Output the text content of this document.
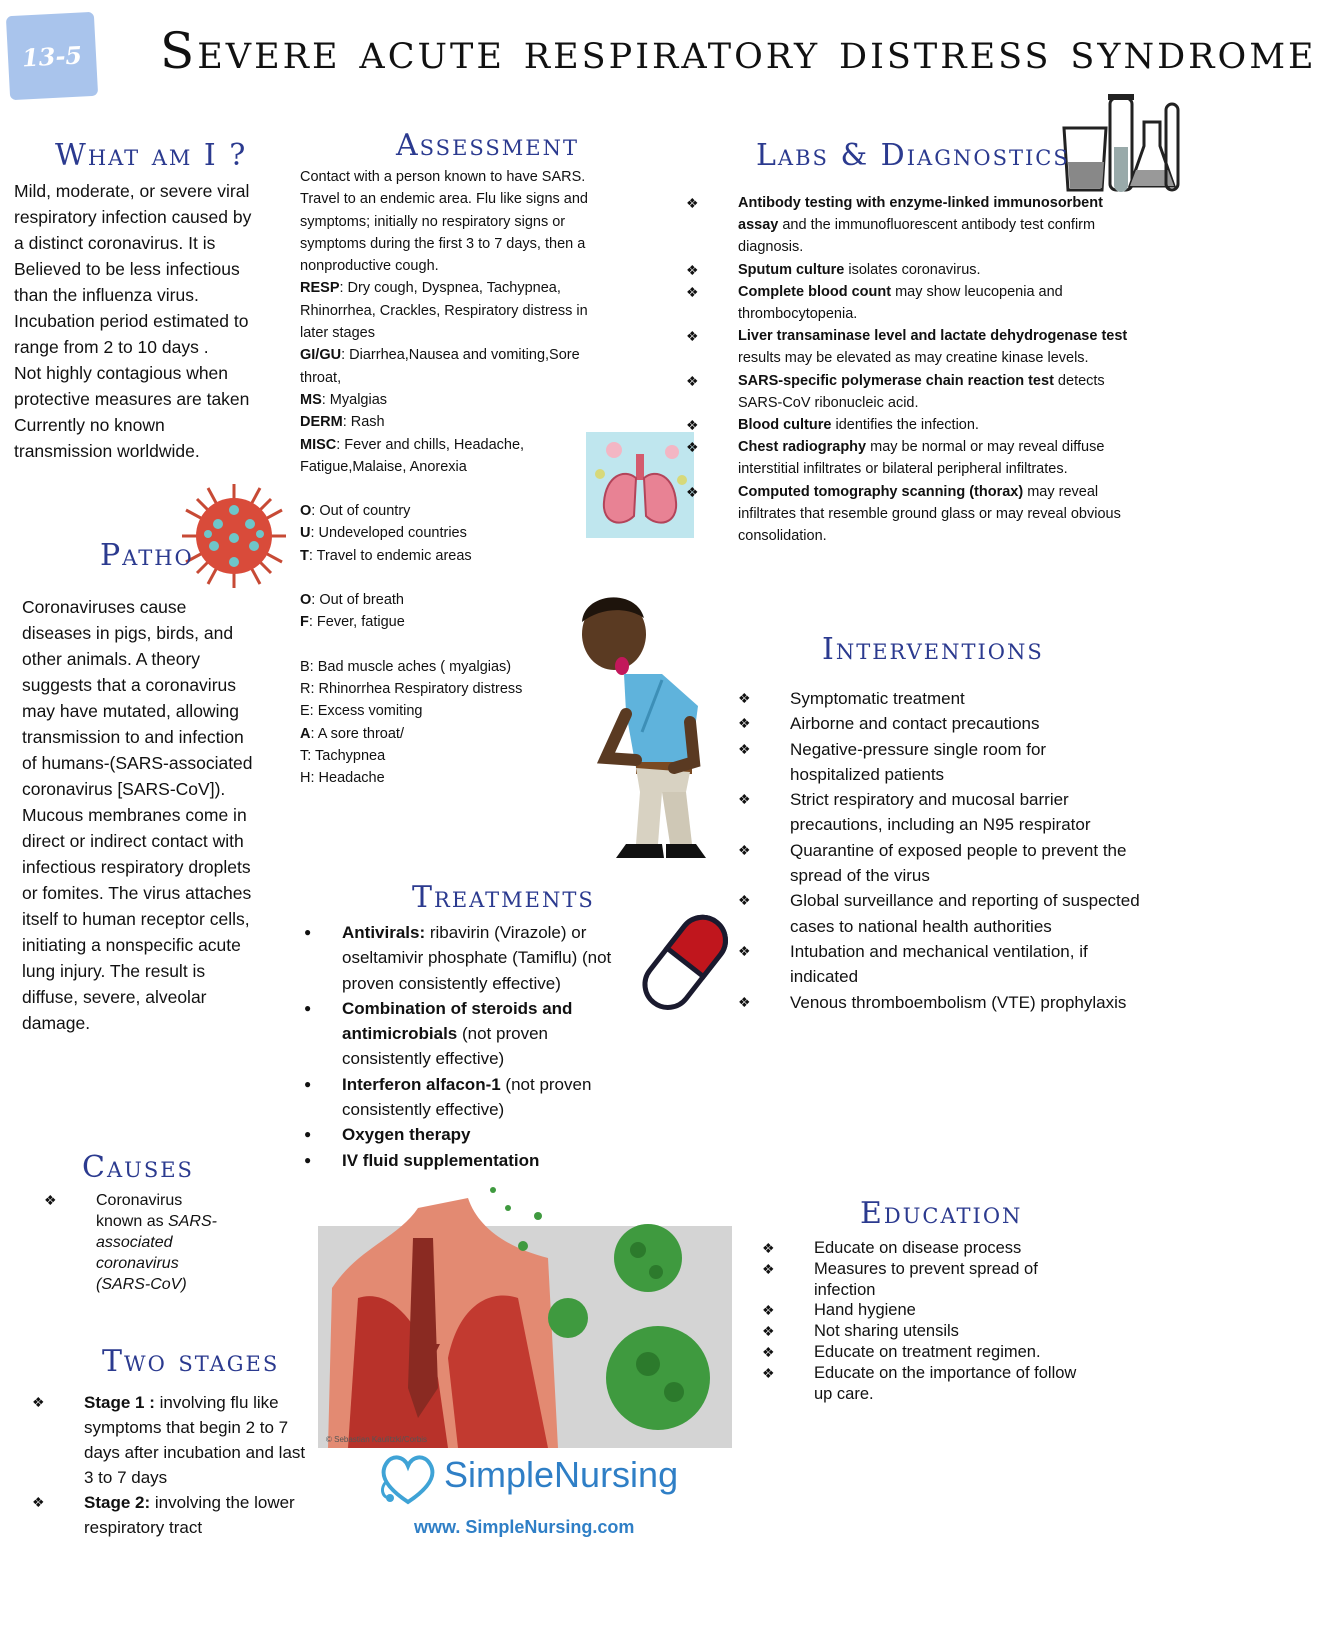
13-5 Severe acute respiratory distress syndrome
What am I ?
Mild, moderate, or severe viral respiratory infection caused by a distinct coronavirus. It is Believed to be less infectious than the influenza virus. Incubation period estimated to range from 2 to 10 days .
Not highly contagious when protective measures are taken Currently no known transmission worldwide.
Patho
Coronaviruses cause diseases in pigs, birds, and other animals. A theory suggests that a coronavirus may have mutated, allowing transmission to and infection of humans-(SARS-associated coronavirus [SARS-CoV]). Mucous membranes come in direct or indirect contact with infectious respiratory droplets or fomites. The virus attaches itself to human receptor cells, initiating a nonspecific acute lung injury. The result is diffuse, severe, alveolar damage.
Causes
❖ Coronavirus known as SARS-associated coronavirus (SARS-CoV)
Two stages
❖ Stage 1 : involving flu like symptoms that begin 2 to 7 days after incubation and last 3 to 7 days
❖ Stage 2: involving the lower respiratory tract
Assessment
Contact with a person known to have SARS. Travel to an endemic area. Flu like signs and symptoms; initially no respiratory signs or symptoms during the first 3 to 7 days, then a nonproductive cough.
RESP: Dry cough, Dyspnea, Tachypnea, Rhinorrhea, Crackles, Respiratory distress in later stages
GI/GU: Diarrhea,Nausea and vomiting,Sore throat,
MS: Myalgias
DERM: Rash
MISC: Fever and chills, Headache, Fatigue,Malaise, Anorexia
O: Out of country
U: Undeveloped countries
T: Travel to endemic areas
O: Out of breath
F: Fever, fatigue
B: Bad muscle aches ( myalgias)
R: Rhinorrhea Respiratory distress
E: Excess vomiting
A: A sore throat/
T: Tachypnea
H: Headache
Treatments
● Antivirals: ribavirin (Virazole) or oseltamivir phosphate (Tamiflu) (not proven consistently effective)
● Combination of steroids and antimicrobials (not proven consistently effective)
● Interferon alfacon-1 (not proven consistently effective)
● Oxygen therapy
● IV fluid supplementation
© Sebastian Kaulitzki/Corbis
Labs & Diagnostics
❖ Antibody testing with enzyme-linked immunosorbent assay and the immunofluorescent antibody test confirm diagnosis.
❖ Sputum culture isolates coronavirus.
❖ Complete blood count may show leucopenia and thrombocytopenia.
❖ Liver transaminase level and lactate dehydrogenase test results may be elevated as may creatine kinase levels.
❖ SARS-specific polymerase chain reaction test detects SARS-CoV ribonucleic acid.
❖ Blood culture identifies the infection.
❖ Chest radiography may be normal or may reveal diffuse interstitial infiltrates or bilateral peripheral infiltrates.
❖ Computed tomography scanning (thorax) may reveal infiltrates that resemble ground glass or may reveal obvious consolidation.
Interventions
❖ Symptomatic treatment
❖ Airborne and contact precautions
❖ Negative-pressure single room for hospitalized patients
❖ Strict respiratory and mucosal barrier precautions, including an N95 respirator
❖ Quarantine of exposed people to prevent the spread of the virus
❖ Global surveillance and reporting of suspected cases to national health authorities
❖ Intubation and mechanical ventilation, if indicated
❖ Venous thromboembolism (VTE) prophylaxis
Education
❖ Educate on disease process
❖ Measures to prevent spread of infection
❖ Hand hygiene
❖ Not sharing utensils
❖ Educate on treatment regimen.
❖ Educate on the importance of follow up care.
SimpleNursing
www. SimpleNursing.com
